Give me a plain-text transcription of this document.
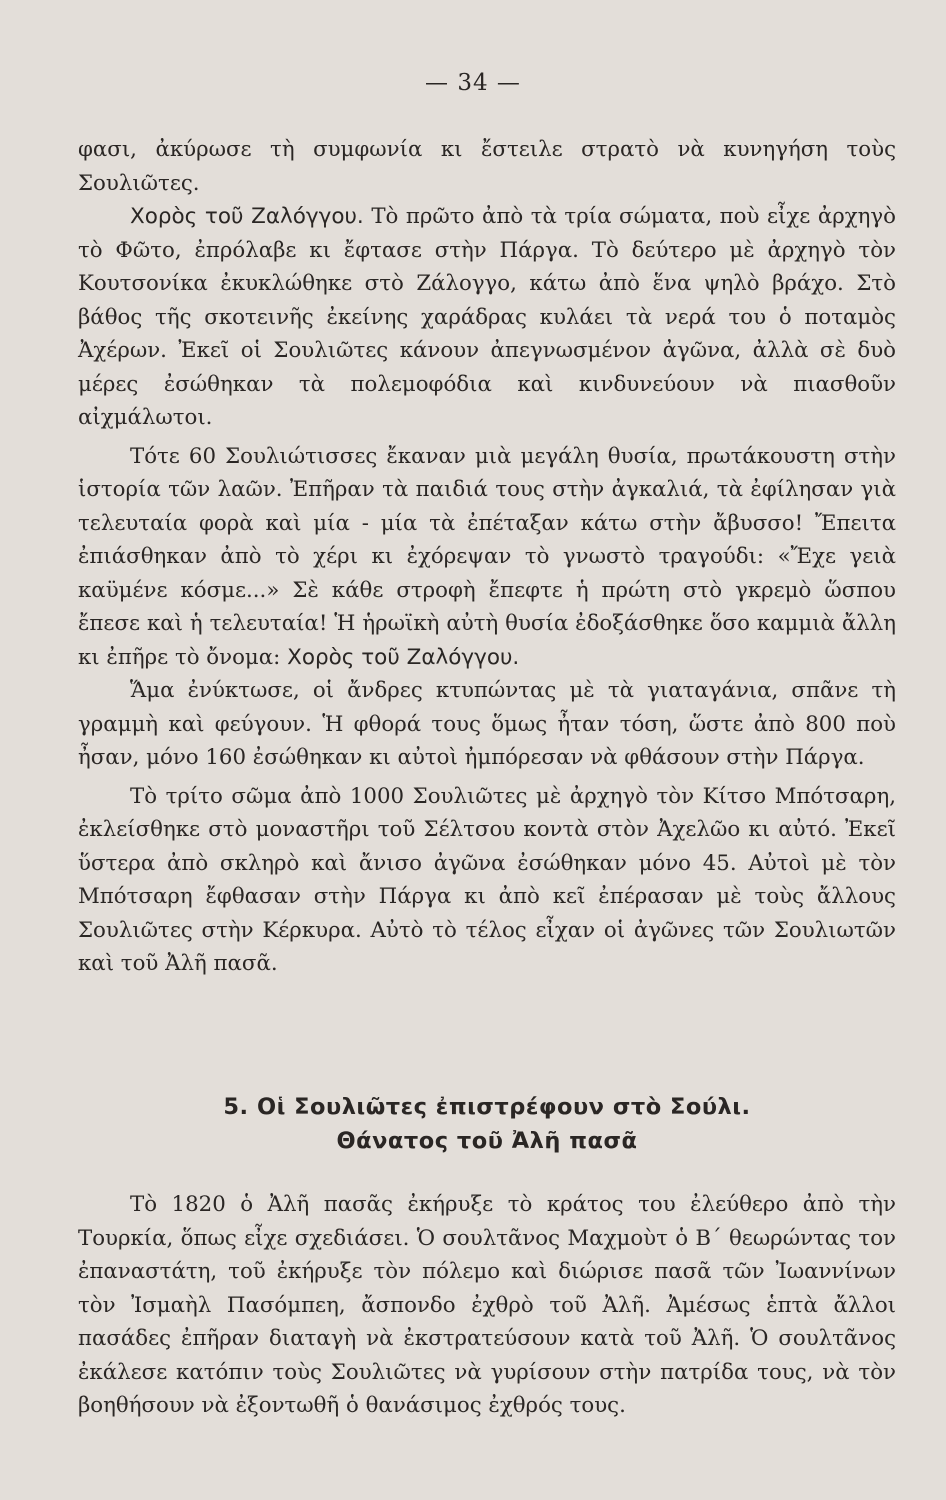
— 34 —

φασι, ἀκύρωσε τὴ συμφωνία κι ἔστειλε στρατὸ νὰ κυνηγήση τοὺς Σουλιῶτες.

Χορὸς τοῦ Ζαλόγγου. Τὸ πρῶτο ἀπὸ τὰ τρία σώματα, ποὺ εἶχε ἀρχηγὸ τὸ Φῶτο, ἐπρόλαβε κι ἔφτασε στὴν Πάργα. Τὸ δεύτερο μὲ ἀρχηγὸ τὸν Κουτσονίκα ἐκυκλώθηκε στὸ Ζάλογγο, κάτω ἀπὸ ἕνα ψηλὸ βράχο. Στὸ βάθος τῆς σκοτεινῆς ἐκείνης χαράδρας κυλάει τὰ νερά του ὁ ποταμὸς Ἀχέρων. Ἐκεῖ οἱ Σουλιῶτες κάνουν ἀπεγνωσμένον ἀγῶνα, ἀλλὰ σὲ δυὸ μέρες ἐσώθηκαν τὰ πολεμοφόδια καὶ κινδυνεύουν νὰ πιασθοῦν αἰχμάλωτοι.

Τότε 60 Σουλιώτισσες ἔκαναν μιὰ μεγάλη θυσία, πρωτάκουστη στὴν ἱστορία τῶν λαῶν. Ἐπῆραν τὰ παιδιά τους στὴν ἀγκαλιά, τὰ ἐφίλησαν γιὰ τελευταία φορὰ καὶ μία - μία τὰ ἐπέταξαν κάτω στὴν ἄβυσσο! Ἔπειτα ἐπιάσθηκαν ἀπὸ τὸ χέρι κι ἐχόρεψαν τὸ γνωστὸ τραγούδι: «Ἔχε γειὰ καϋμένε κόσμε...» Σὲ κάθε στροφὴ ἔπεφτε ἡ πρώτη στὸ γκρεμὸ ὥσπου ἔπεσε καὶ ἡ τελευταία! Ἡ ἡρωϊκὴ αὐτὴ θυσία ἐδοξάσθηκε ὅσο καμμιὰ ἄλλη κι ἐπῆρε τὸ ὄνομα: Χορὸς τοῦ Ζαλόγγου.

Ἅμα ἐνύκτωσε, οἱ ἄνδρες κτυπώντας μὲ τὰ γιαταγάνια, σπᾶνε τὴ γραμμὴ καὶ φεύγουν. Ἡ φθορά τους ὅμως ἦταν τόση, ὥστε ἀπὸ 800 ποὺ ἦσαν, μόνο 160 ἐσώθηκαν κι αὐτοὶ ἠμπόρεσαν νὰ φθάσουν στὴν Πάργα.

Τὸ τρίτο σῶμα ἀπὸ 1000 Σουλιῶτες μὲ ἀρχηγὸ τὸν Κίτσο Μπότσαρη, ἐκλείσθηκε στὸ μοναστῆρι τοῦ Σέλτσου κοντὰ στὸν Ἀχελῶο κι αὐτό. Ἐκεῖ ὕστερα ἀπὸ σκληρὸ καὶ ἄνισο ἀγῶνα ἐσώθηκαν μόνο 45. Αὐτοὶ μὲ τὸν Μπότσαρη ἔφθασαν στὴν Πάργα κι ἀπὸ κεῖ ἐπέρασαν μὲ τοὺς ἄλλους Σουλιῶτες στὴν Κέρκυρα. Αὐτὸ τὸ τέλος εἶχαν οἱ ἀγῶνες τῶν Σουλιωτῶν καὶ τοῦ Ἀλῆ πασᾶ.

5. Οἱ Σουλιῶτες ἐπιστρέφουν στὸ Σούλι.
Θάνατος τοῦ Ἀλῆ πασᾶ

Τὸ 1820 ὁ Ἀλῆ πασᾶς ἐκήρυξε τὸ κράτος του ἐλεύθερο ἀπὸ τὴν Τουρκία, ὅπως εἶχε σχεδιάσει. Ὁ σουλτᾶνος Μαχμοὺτ ὁ Β΄ θεωρώντας τον ἐπαναστάτη, τοῦ ἐκήρυξε τὸν πόλεμο καὶ διώρισε πασᾶ τῶν Ἰωαννίνων τὸν Ἰσμαὴλ Πασόμπεη, ἄσπονδο ἐχθρὸ τοῦ Ἀλῆ. Ἀμέσως ἑπτὰ ἄλλοι πασάδες ἐπῆραν διαταγὴ νὰ ἐκστρατεύσουν κατὰ τοῦ Ἀλῆ. Ὁ σουλτᾶνος ἐκάλεσε κατόπιν τοὺς Σουλιῶτες νὰ γυρίσουν στὴν πατρίδα τους, νὰ τὸν βοηθήσουν νὰ ἐξοντωθῆ ὁ θανάσιμος ἐχθρός τους.
